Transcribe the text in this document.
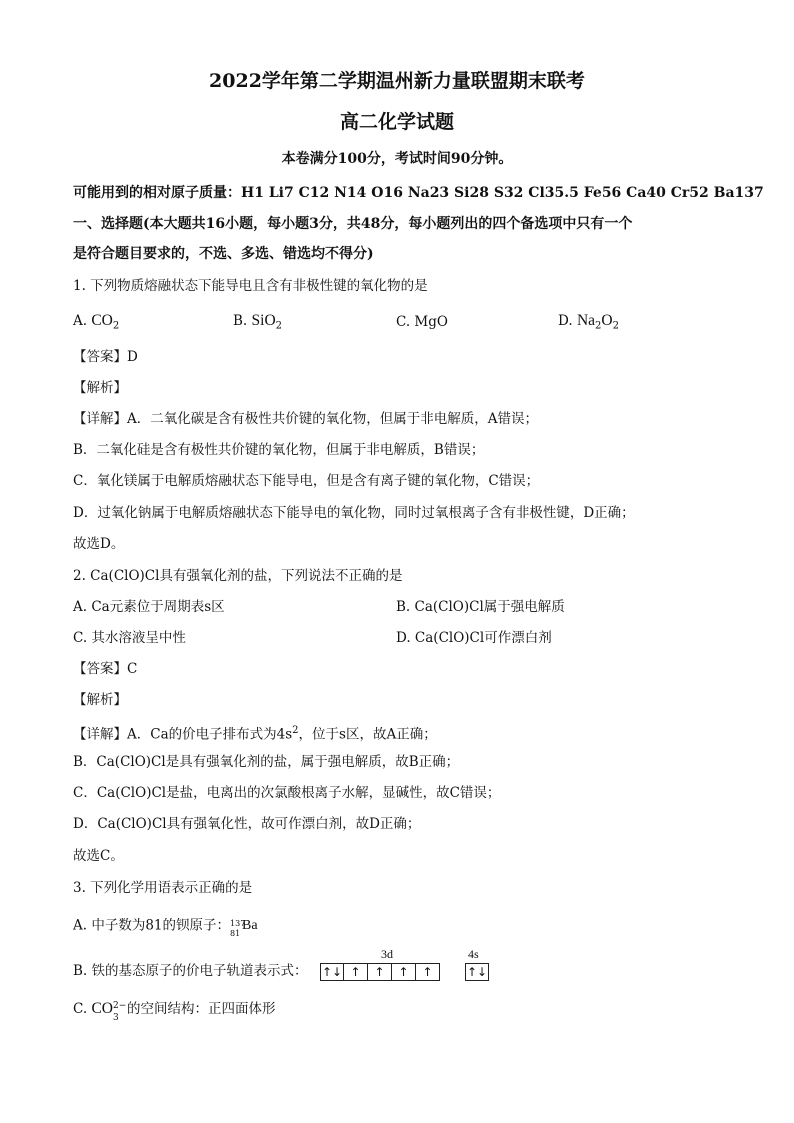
2022学年第二学期温州新力量联盟期末联考
高二化学试题
本卷满分100分，考试时间90分钟。
可能用到的相对原子质量：H1 Li7 C12 N14 O16 Na23 Si28 S32 Cl35.5 Fe56 Ca40 Cr52 Ba137
一、选择题(本大题共16小题，每小题3分，共48分，每小题列出的四个备选项中只有一个
是符合题目要求的，不选、多选、错选均不得分)
1. 下列物质熔融状态下能导电且含有非极性键的氧化物的是
A. $CO_2$	B. SiO$_2$	C. MgO	D. $Na_2O_2$
【答案】D
【解析】
【详解】A．二氧化碳是含有极性共价键的氧化物，但属于非电解质，A错误；
B．二氧化硅是含有极性共价键的氧化物，但属于非电解质，B错误；
C．氧化镁属于电解质熔融状态下能导电，但是含有离子键的氧化物，C错误；
D．过氧化钠属于电解质熔融状态下能导电的氧化物，同时过氧根离子含有非极性键，D正确；
故选D。
2. Ca(ClO)Cl具有强氧化剂的盐，下列说法不正确的是
A. Ca元素位于周期表s区	B. Ca(ClO)Cl属于强电解质
C. 其水溶液呈中性	D. Ca(ClO)Cl可作漂白剂
【答案】C
【解析】
【详解】A．Ca的价电子排布式为$4s^2$，位于s区，故A正确；
B．Ca(ClO)Cl是具有强氧化剂的盐，属于强电解质，故B正确；
C．Ca(ClO)Cl是盐，电离出的次氯酸根离子水解，显碱性，故C错误；
D．Ca(ClO)Cl具有强氧化性，故可作漂白剂，故D正确；
故选C。
3. 下列化学用语表示正确的是
A. 中子数为81的钡原子： 137
81
Ba
B. 铁的基态原子的价电子轨道表示式：
3d	4s
↑↓ ↑	↑	↑	↑	↑↓
C. CO 2−
3
的空间结构：正四面体形
